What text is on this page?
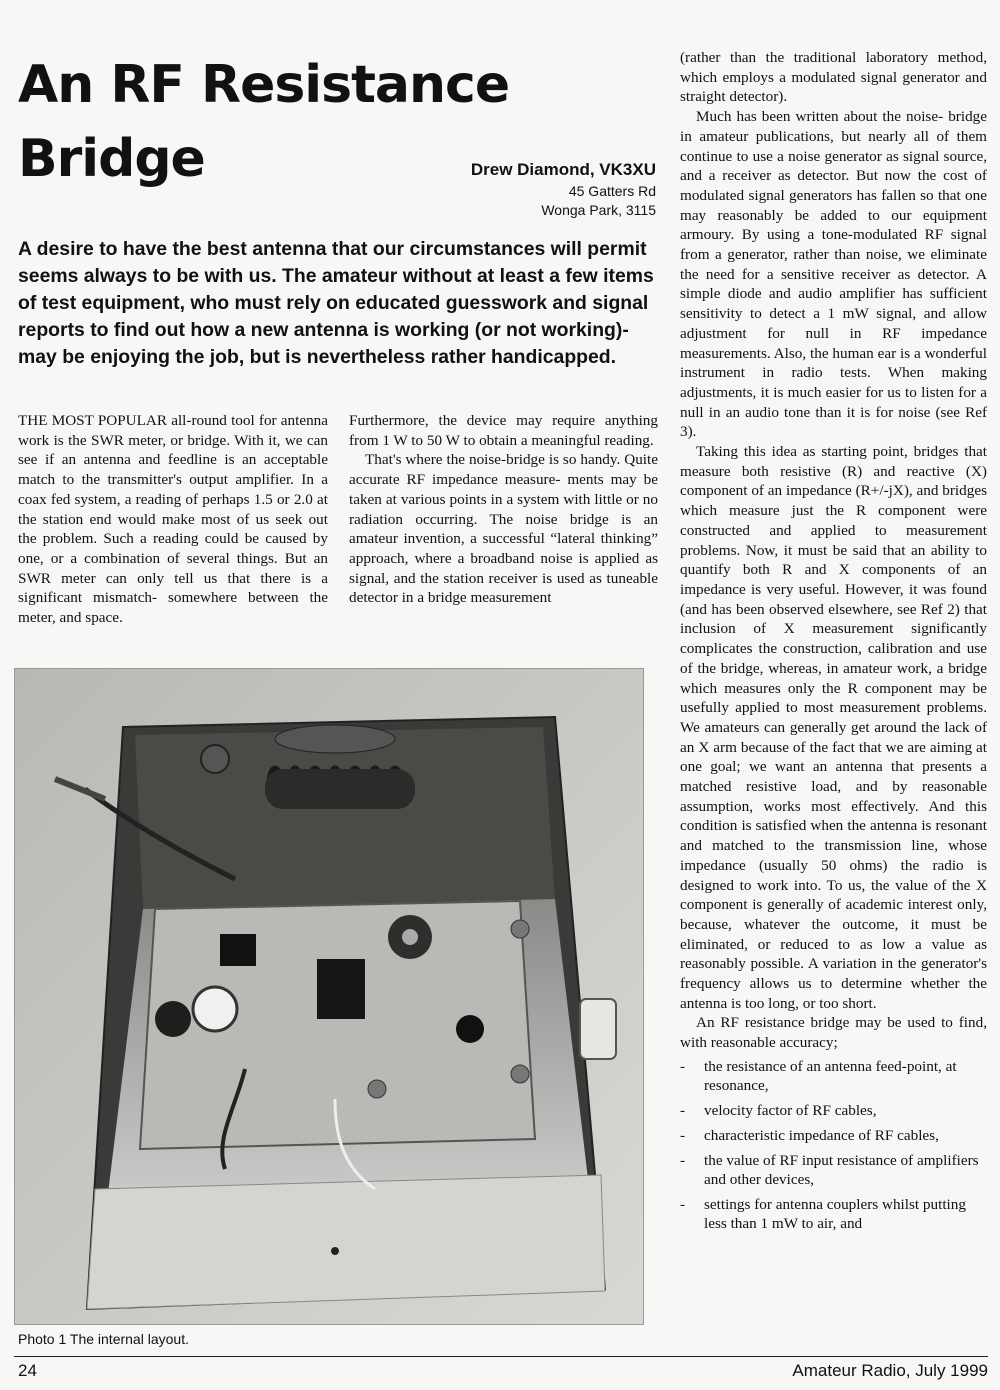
An RF Resistance Bridge	Drew Diamond, VK3XU
45 Gatters Rd
Wonga Park, 3115
A desire to have the best antenna that our circumstances will permit seems always to be with us. The amateur without at least a few items of test equipment, who must rely on educated guesswork and signal reports to find out how a new antenna is working (or not working)- may be enjoying the job, but is nevertheless rather handicapped.

THE MOST POPULAR all-round tool for antenna work is the SWR meter, or bridge. With it, we can see if an antenna and feedline is an acceptable match to the transmitter's output amplifier. In a coax fed system, a reading of perhaps 1.5 or 2.0 at the station end would make most of us seek out the problem. Such a reading could be caused by one, or a combination of several things. But an SWR meter can only tell us that there is a significant mismatch- somewhere between the meter, and space.

Furthermore, the device may require anything from 1 W to 50 W to obtain a meaningful reading.

That's where the noise-bridge is so handy. Quite accurate RF impedance measure- ments may be taken at various points in a system with little or no radiation occurring. The noise bridge is an amateur invention, a successful “lateral thinking” approach, where a broadband noise is applied as signal, and the station receiver is used as tuneable detector in a bridge measurement

(rather than the traditional laboratory method, which employs a modulated signal generator and straight detector).

Much has been written about the noise- bridge in amateur publications, but nearly all of them continue to use a noise generator as signal source, and a receiver as detector. But now the cost of modulated signal generators has fallen so that one may reasonably be added to our equipment armoury. By using a tone-modulated RF signal from a generator, rather than noise, we eliminate the need for a sensitive receiver as detector. A simple diode and audio amplifier has sufficient sensitivity to detect a 1 mW signal, and allow adjustment for null in RF impedance measurements. Also, the human ear is a wonderful instrument in radio tests. When making adjustments, it is much easier for us to listen for a null in an audio tone than it is for noise (see Ref 3).

Taking this idea as starting point, bridges that measure both resistive (R) and reactive (X) component of an impedance (R+/-jX), and bridges which measure just the R component were constructed and applied to measurement problems. Now, it must be said that an ability to quantify both R and X components of an impedance is very useful. However, it was found (and has been observed elsewhere, see Ref 2) that inclusion of X measurement significantly complicates the construction, calibration and use of the bridge, whereas, in amateur work, a bridge which measures only the R component may be usefully applied to most measurement problems. We amateurs can generally get around the lack of an X arm because of the fact that we are aiming at one goal; we want an antenna that presents a matched resistive load, and by reasonable assumption, works most effectively. And this condition is satisfied when the antenna is resonant and matched to the transmission line, whose impedance (usually 50 ohms) the radio is designed to work into. To us, the value of the X component is generally of academic interest only, because, whatever the outcome, it must be eliminated, or reduced to as low a value as reasonably possible. A variation in the generator's frequency allows us to determine whether the antenna is too long, or too short.

An RF resistance bridge may be used to find, with reasonable accuracy;

- the resistance of an antenna feed-point, at resonance,
- velocity factor of RF cables,
- characteristic impedance of RF cables,
- the value of RF input resistance of amplifiers and other devices,
- settings for antenna couplers whilst putting less than 1 mW to air, and
Photo 1 The internal layout.
24	Amateur Radio, July 1999
